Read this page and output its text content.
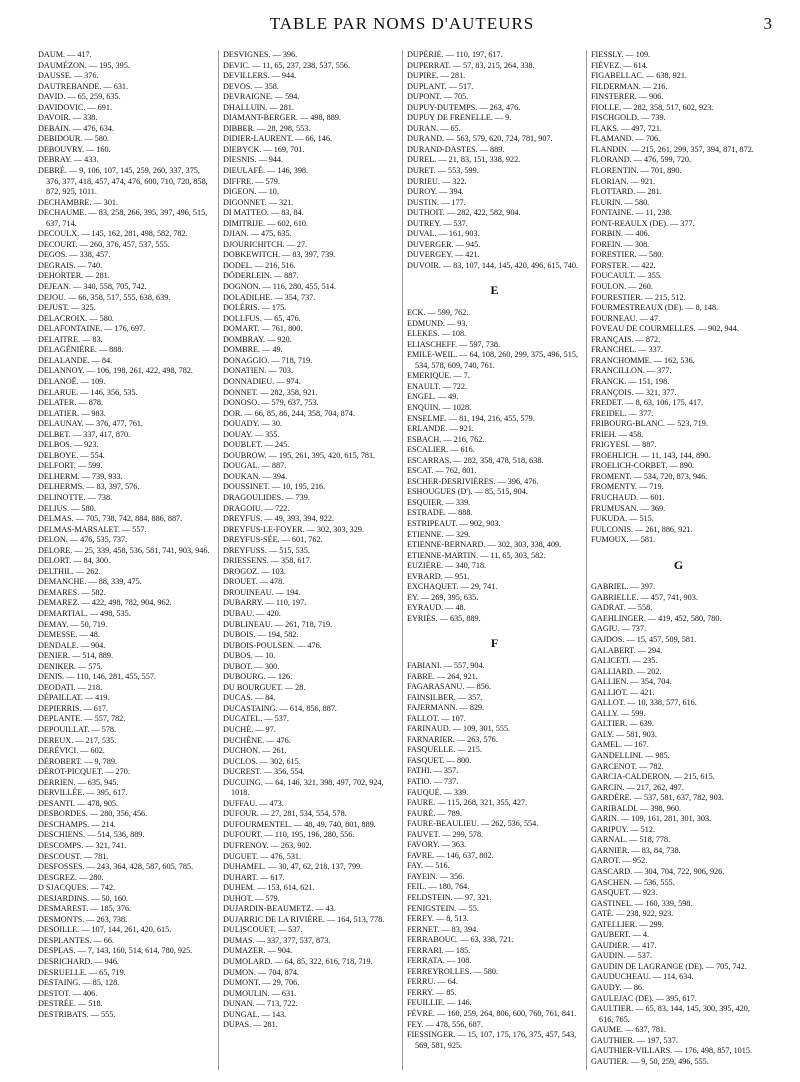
TABLE PAR NOMS D'AUTEURS	3
DAUM. — 417.
DAUMÉZON. — 195, 395.
DAUSSE. — 376.
DAUTREBANDE. — 631.
DAVID. — 65, 259, 635.
DAVIDOVIC. — 691.
DAVOIR. — 338.
DEBAIN. — 476, 634.
DEBIDOUR. — 580.
DEBOUVRY. — 160.
DEBRAY. — 433.
DEBRÉ. — 9, 106, 107, 145, 259, 260, 337, 375, 376, 377, 418, 457, 474, 476, 600, 710, 720, 858, 872, 925, 1011.
DECHAMBRE. — 301.
DECHAUME. — 83, 258, 266, 395, 397, 496, 515, 637, 714.
DECOULX. — 145, 162, 281, 498, 582, 782.
DECOURT. — 260, 376, 457, 537, 555.
DEGOS. — 338, 457.
DEGRAIS. — 740.
DEHORTER. — 281.
DEJEAN. — 340, 558, 705, 742.
DEJOU. — 66, 358, 517, 555, 638, 639.
DEJUST. — 325.
DELACROIX. — 580.
DELAFONTAINE. — 176, 697.
DELAITRE. — 83.
DELAGÉNIÈRE. — 888.
DELALANDE. — 84.
DELANNOY. — 106, 198, 261, 422, 498, 782.
DELANOË. — 109.
DELARUE. — 146, 356, 535.
DELATER. — 878.
DELATIER. — 983.
DELAUNAY. — 376, 477, 761.
DELBET. — 337, 417, 870.
DELBOS. — 923.
DELBOYE. — 554.
DELFORT. — 599.
DELHERM. — 739, 933.
DELHERMS. — 83, 397, 576.
DELINOTTE. — 738.
DELIUS. — 580.
DELMAS. — 705, 738, 742, 884, 886, 887.
DELMAS-MARSALET. — 557.
DELON. — 476, 535, 737.
DELORE. — 25, 339, 458, 536, 581, 741, 903, 946.
DELORT. — 84, 300.
DELTHIL. — 262.
DEMANCHE. — 88, 339, 475.
DEMARES. — 582.
DEMAREZ. — 422, 498, 782, 904, 962.
DEMARTIAL. — 498, 535.
DEMAY. — 50, 719.
DEMESSE. — 48.
DENDALE. — 904.
DENIER. — 514, 889.
DENIKER. — 575.
DENIS. — 110, 146, 281, 455, 557.
DEODATI. — 218.
DÉPAILLAT. — 419.
DEPIERRIS. — 617.
DEPLANTE. — 557, 782.
DEPOUILLAT. — 578.
DEREUX. — 217, 535.
DERÉVICI. — 602.
DÉROBERT. — 9, 789.
DÉROT-PICQUET. — 270.
DERRIEN. — 635, 945.
DERVILLÉE. — 395, 617.
DESANTI. — 478, 905.
DESBORDES. — 280, 356, 456.
DESCHAMPS. — 214.
DESCHIENS. — 514, 536, 889.
DESCOMPS. — 321, 741.
DESCOUST. — 781.
DESFOSSES. — 243, 364, 428, 587, 605, 785.
DESGREZ. — 280.
D SJACQUES. — 742.
DESJARDINS. — 50, 160.
DESMAREST. — 185, 376.
DESMONTS. — 263, 738.
DESOILLE. — 107, 144, 261, 420, 615.
DESPLANTES. — 66.
DESPLAS. — 7, 143, 160, 514, 614, 780, 925.
DESRICHARD. — 946.
DESRUELLE. — 65, 719.
DESTAING. — 85, 128.
DESTOT. — 406.
DESTRÉE. — 518.
DESTRIBATS. — 555.
DESVIGNES. — 396.
DEVIC. — 11, 65, 237, 238, 537, 556.
DEVILLERS. — 944.
DEVOS. — 358.
DEVRAIGNE. — 594.
DHALLUIN. — 281.
DIAMANT-BERGER. — 498, 889.
DIBBER. — 28, 298, 553.
DIDIER-LAURENT. — 66, 146.
DIEBYCK. — 169, 701.
DIESNIS. — 944.
DIEULAFÉ. — 146, 398.
DIFFRE. — 579.
DIGEON. — 10.
DIGONNET. — 321.
DI MATTEO. — 83, 84.
DIMITRIJE. — 602, 610.
DJIAN. — 475, 635.
DJOURICHITCH. — 27.
DOBKEWITCH. — 83, 397, 739.
DODEL. — 216, 516.
DÖDERLEIN. — 887.
DOGNON. — 116, 280, 455, 514.
DOLADILHE. — 354, 737.
DOLÉRIS. — 175.
DOLLFUS. — 65, 476.
DOMART. — 761, 800.
DOMBRAY. — 920.
DOMBRE. — 49.
DONAGGIO. — 718, 719.
DONATIEN. — 703.
DONNADIEU. — 974.
DONNET. — 282, 358, 921.
DONOSO. — 579, 637, 753.
DOR. — 66, 85, 86, 244, 358, 704, 874.
DOUADY. — 30.
DOUAY. — 355.
DOUBLET. — 245.
DOUBROW. — 195, 261, 395, 420, 615, 781.
DOUGAL. — 887.
DOUKAN. — 394.
DOUSSINET. — 10, 195, 216.
DRAGOULIDES. — 739.
DRAGOIU. — 722.
DREYFUS. — 49, 393, 394, 922.
DREYFUS-LE-FOYER. — 302, 303, 329.
DREYFUS-SÉE. — 601, 762.
DREYFUSS. — 515, 535.
DRIESSENS. — 358, 617.
DROGOZ. — 103.
DROUET. — 478.
DROUINEAU. — 194.
DUBARRY. — 110, 197.
DUBAU. — 420.
DUBLINEAU. — 261, 718, 719.
DUBOIS. — 194, 582.
DUBOIS-POULSEN. — 476.
DUBOS. — 10.
DUBOT. — 300.
DUBOURG. — 126.
DU BOURGUET. — 28.
DUCAS. — 84.
DUCASTAING. — 614, 856, 887.
DUCATEL. — 537.
DUCHÉ. — 97.
DUCHÊNE. — 476.
DUCHON. — 261.
DUCLOS. — 302, 615.
DUCREST. — 356, 554.
DUCUING. — 64, 146, 321, 398, 497, 702, 924, 1018.
DUFFAU. — 473.
DUFOUR. — 27, 281, 534, 554, 578.
DUFOURMENTEL. — 48, 49, 740, 801, 889.
DUFOURT. — 110, 195, 196, 280, 556.
DUFRENOY. — 263, 902.
DUGUET. — 476, 531.
DUHAMEL. — 30, 47, 62, 218, 137, 799.
DUHART. — 617.
DUHEM. — 153, 614, 621.
DUHOT. — 579.
DUJARDIN-BEAUMETZ. — 43.
DUJARRIC DE LA RIVIÈRE. — 164, 513, 778.
DULISCOUET. — 537.
DUMAS. — 337, 377, 537, 873.
DUMAZER. — 904.
DUMOLARD. — 64, 85, 322, 616, 718, 719.
DUMON. — 704, 874.
DUMONT. — 29, 706.
DUMOULIN. — 631.
DUNAN. — 713, 722.
DUNGAL. — 143.
DUPAS. — 281.
DUPÉRIÉ. — 110, 197, 617.
DUPERRAT. — 57, 83, 215, 264, 338.
DUPIRE. — 281.
DUPLANT. — 517.
DUPONT. — 705.
DUPUY-DUTEMPS. — 263, 476.
DUPUY DE FRENELLE. — 9.
DURAN. — 65.
DURAND. — 563, 579, 620, 724, 781, 907.
DURAND-DASTES. — 889.
DUREL. — 21, 83, 151, 338, 922.
DURET. — 553, 599.
DURIEU. — 322.
DUROY. — 394.
DUSTIN. — 177.
DUTHOIT. — 282, 422, 582, 904.
DUTREY. — 537.
DUVAL. — 161, 903.
DUVERGER. — 945.
DUVERGEY. — 421.
DUVOIR. — 83, 107, 144, 145, 420, 496, 615, 740.
E
ECK. — 599, 762.
EDMUND. — 93.
ELEKES. — 108.
ELIASCHEFF. — 597, 738.
EMILE-WEIL. — 64, 108, 260, 299, 375, 496, 515, 534, 578, 609, 740, 761.
EMERIQUE. — 7.
ENAULT. — 722.
ENGEL. — 49.
ENQUIN. — 1028.
ENSELME. — 81, 194, 216, 455, 579.
ERLANDE. — 921.
ESBACH. — 216, 762.
ESCALIER. — 616.
ESCARRAS. — 282, 358, 478, 518, 638.
ESCAT. — 762, 801.
ESCHER-DESRIVIÈRES. — 396, 476.
ESHOUGUES (D'). — 85, 515, 904.
ESQUIER. — 339.
ESTRADE. — 888.
ESTRIPEAUT. — 902, 903.
ETIENNE. — 329.
ETIENNE-BERNARD. — 302, 303, 338, 409.
ETIENNE-MARTIN. — 11, 65, 303, 582.
EUZIÈRE. — 340, 718.
EVRARD. — 951.
EXCHAQUET. — 29, 741.
EY. — 269, 395, 635.
EYRAUD. — 48.
EYRIÈS. — 635, 889.
F
FABIANI. — 557, 904.
FABRE. — 264, 921.
FAGARASANU. — 856.
FAINSILBER. — 357.
FAJERMANN. — 829.
FALLOT. — 107.
FARINAUD. — 109, 301, 555.
FARNARIER. — 263, 576.
FASQUELLE. — 215.
FASQUET. — 800.
FATHI. — 357.
FATIO. — 737.
FAUQUÉ. — 339.
FAURE. — 115, 268, 321, 355, 427.
FAURÉ. — 789.
FAURE-BEAULIEU. — 262, 536, 554.
FAUVET. — 299, 578.
FAVORY. — 363.
FAVRE. — 146, 637, 802.
FAY. — 516.
FAYEIN. — 356.
FEIL. — 180, 764.
FELDSTEIN. — 97, 321.
FENIGSTEIN. — 55.
FEREY. — 8, 513.
FERNET. — 83, 394.
FERRABOUC. — 63, 338, 721.
FERRARI. — 185.
FERRATA. — 108.
FERREYROLLES. — 580.
FERRU. — 64.
FERRY. — 85.
FEUILLIE. — 146.
FÈVRE. — 160, 259, 264, 806, 600, 760, 761, 841.
FEY. — 478, 556, 687.
FIESSINGER. — 15, 107, 175, 176, 375, 457, 543, 569, 581, 925.
FIESSLY. — 109.
FIÉVEZ. — 614.
FIGABELLAC. — 638, 921.
FILDERMAN. — 216.
FINSTERER. — 906.
FIOLLE. — 282, 358, 517, 602, 923.
FISCHGOLD. — 739.
FLAKS. — 497, 721.
FLAMAND. — 706.
FLANDIN. — 215, 261, 299, 357, 394, 871, 872.
FLORAND. — 476, 599, 720.
FLORENTIN. — 701, 890.
FLORIAN. — 921.
FLOTTARD. — 281.
FLURIN. — 580.
FONTAINE. — 11, 238.
FONT-REAULX (DE). — 377.
FORBIN. — 406.
FOREIN. — 308.
FORESTIER. — 580.
FORSTER. — 422.
FOUCAULT. — 355.
FOULON. — 260.
FOURESTIER. — 215, 512.
FOURMESTREAUX (DE). — 8, 148.
FOURNEAU. — 47.
FOVEAU DE COURMELLES. — 902, 944.
FRANÇAIS. — 872.
FRANCHEL. — 337.
FRANCHOMME. — 162, 536.
FRANCILLON. — 377.
FRANCK. — 151, 198.
FRANÇOIS. — 321, 377.
FREDET. — 8, 63, 106, 175, 417.
FREIDEL. — 377.
FRIBOURG-BLANC. — 523, 719.
FRIEH. — 458.
FRIGYESI. — 887.
FROEHLICH. — 11, 143, 144, 890.
FROELICH-CORBET. — 890.
FROMENT. — 534, 720, 873, 946.
FROMENTY. — 719.
FRUCHAUD. — 601.
FRUMUSAN. — 369.
FUKUDA. — 515.
FULCONIS. — 261, 886, 921.
FUMOUX. — 581.
G
GABRIEL. — 397.
GABRIELLE. — 457, 741, 903.
GADRAT. — 558.
GAEHLINGER. — 419, 452, 580, 780.
GAGIU. — 737.
GAJDOS. — 15, 457, 509, 581.
GALABERT. — 294.
GALICETI. — 235.
GALLIARD. — 202.
GALLIEN. — 354, 704.
GALLIOT. — 421.
GALLOT. — 10, 338, 577, 616.
GALLY. — 599.
GALTIER. — 639.
GALY. — 581, 903.
GAMEL. — 167.
GANDELLINI. — 985.
GARCENOT. — 782.
GARCIA-CALDERON. — 215, 615.
GARCIN. — 217, 262, 497.
GARDÈRE. — 537, 581, 637, 782, 903.
GARIBALDI. — 398, 960.
GARIN. — 109, 161, 281, 301, 303.
GARIPUY. — 512.
GARNAL. — 518, 778.
GARNIER. — 83, 84, 738.
GAROT. — 952.
GASCARD. — 304, 704, 722, 906, 926.
GASCHEN. — 536, 555.
GASQUET. — 923.
GASTINEL. — 160, 339, 598.
GATÉ. — 238, 922, 923.
GATELLIER. — 299.
GAUBERT. — 4.
GAUDIER. — 417.
GAUDIN. — 537.
GAUDIN DE LAGRANGE (DE). — 705, 742.
GAUDUCHEAU. — 114, 634.
GAUDY. — 86.
GAULEJAC (DE). — 395, 617.
GAULTIER. — 65, 83, 144, 145, 300, 395, 420, 616, 765.
GAUME. — 637, 781.
GAUTHIER. — 197, 537.
GAUTHIER-VILLARS. — 176, 498, 857, 1015.
GAUTIER. — 9, 50, 259, 496, 555.
